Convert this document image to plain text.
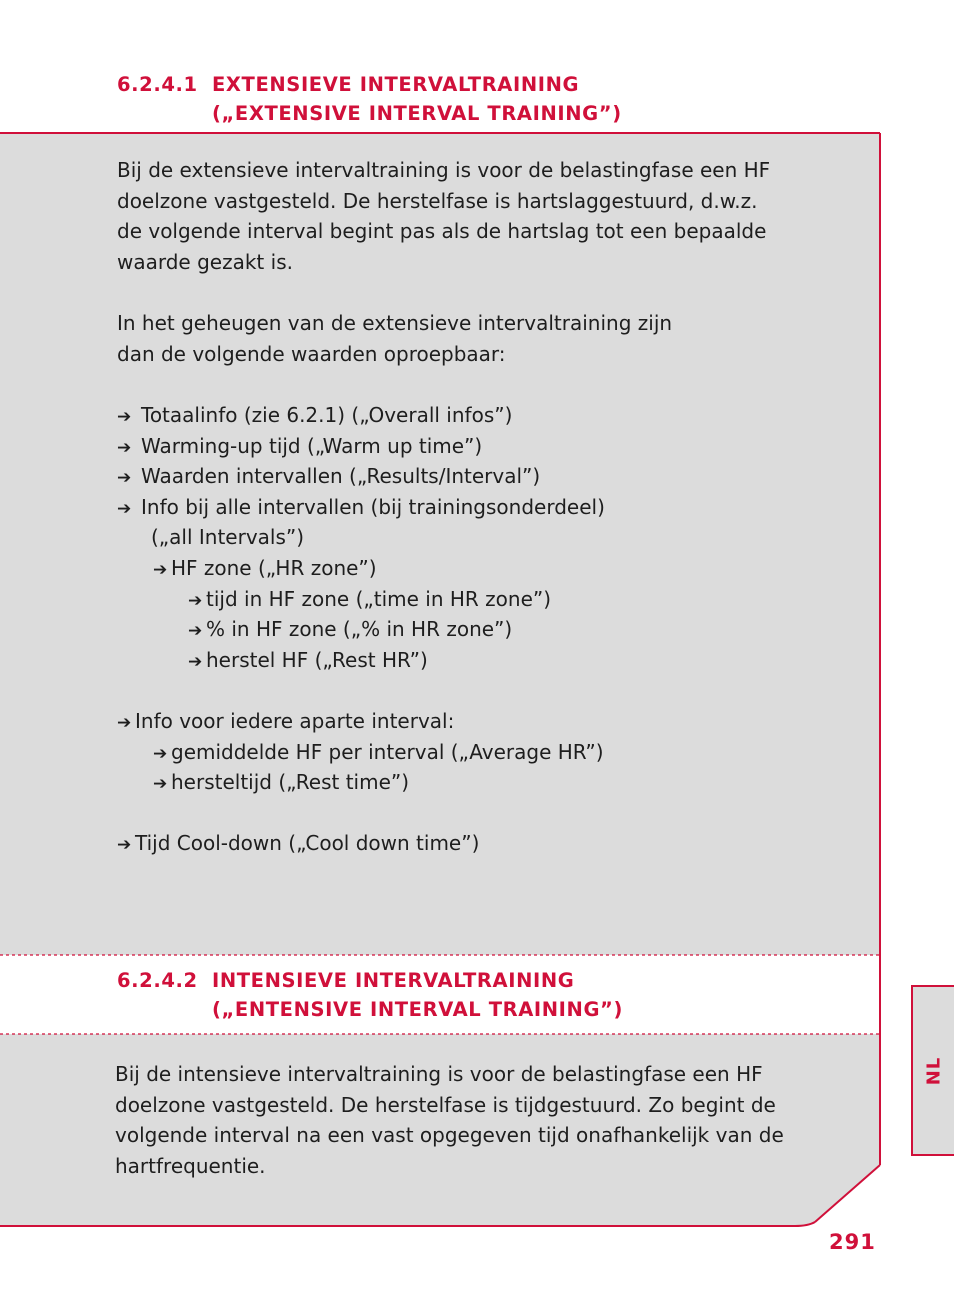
6.2.4.1 EXTENSIEVE INTERVALTRAINING
(„EXTENSIVE INTERVAL TRAINING”)
Bij de extensieve intervaltraining is voor de belastingfase een HF
doelzone vastgesteld. De herstelfase is hartslaggestuurd, d.w.z.
de volgende interval begint pas als de hartslag tot een bepaalde
waarde gezakt is.
In het geheugen van de extensieve intervaltraining zijn
dan de volgende waarden oproepbaar:
➔ Totaalinfo (zie 6.2.1) („Overall infos”)
➔ Warming-up tijd („Warm up time”)
➔ Waarden intervallen („Results/Interval”)
➔ Info bij alle intervallen (bij trainingsonderdeel)
(„all Intervals”)
➔ HF zone („HR zone”)
➔ tijd in HF zone („time in HR zone”)
➔ % in HF zone („% in HR zone”)
➔ herstel HF („Rest HR”)
➔ Info voor iedere aparte interval:
➔ gemiddelde HF per interval („Average HR”)
➔ hersteltijd („Rest time”)
➔ Tijd Cool-down („Cool down time”)
6.2.4.2 INTENSIEVE INTERVALTRAINING
(„ENTENSIVE INTERVAL TRAINING”)
Bij de intensieve intervaltraining is voor de belastingfase een HF
doelzone vastgesteld. De herstelfase is tijdgestuurd. Zo begint de
volgende interval na een vast opgegeven tijd onafhankelijk van de
hartfrequentie.
NL
291
